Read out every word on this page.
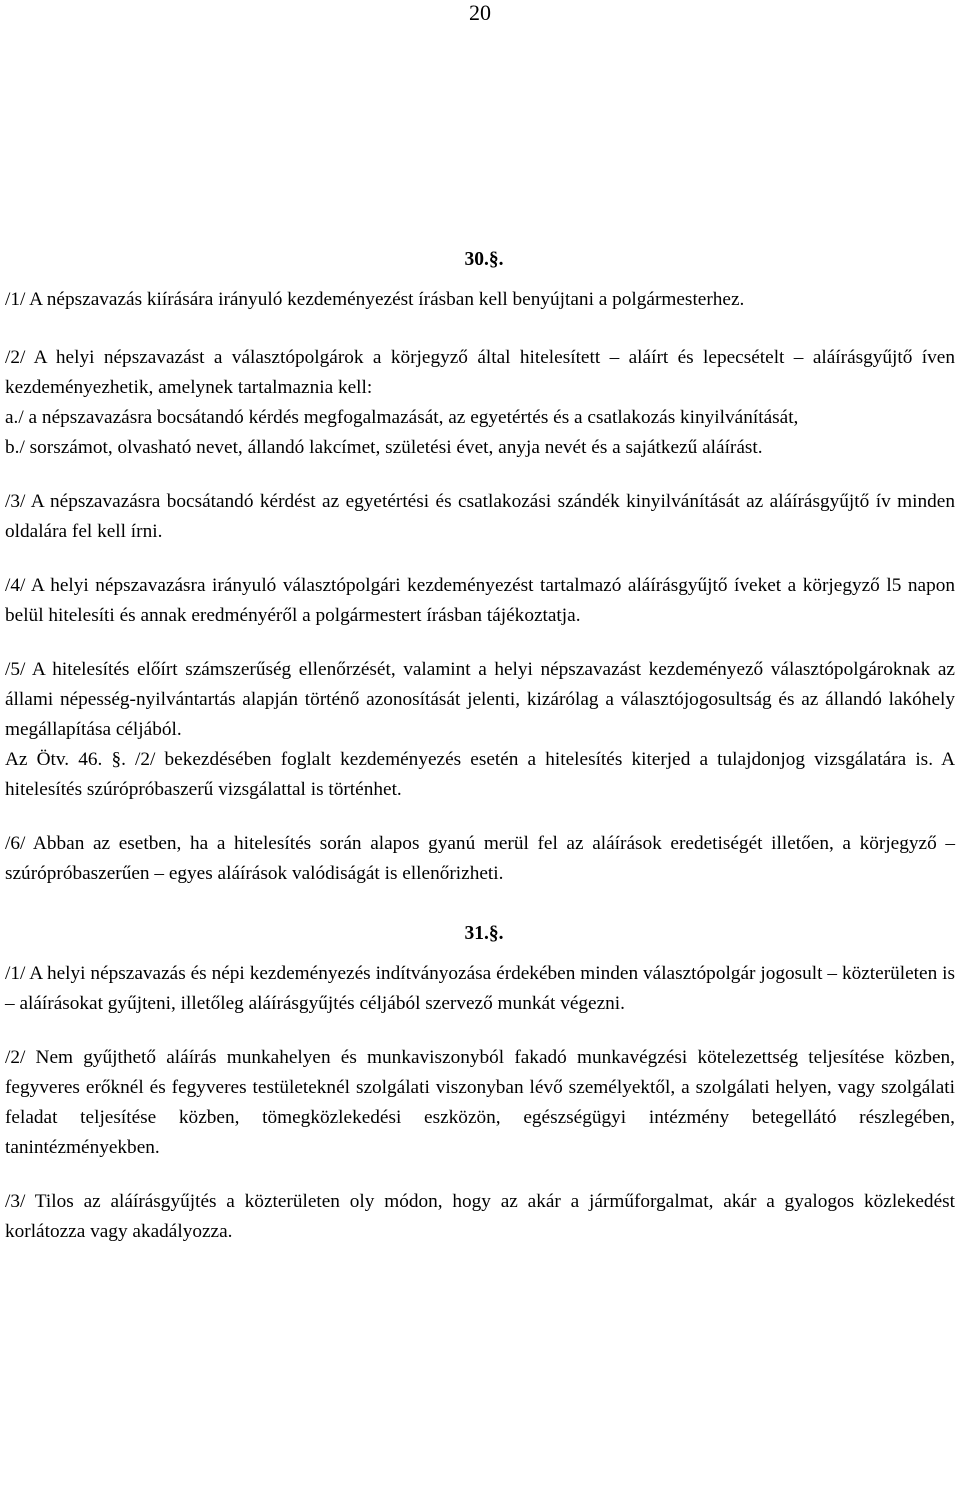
20
30.§.

/1/ A népszavazás kiírására irányuló kezdeményezést írásban kell benyújtani a polgármesterhez.

/2/ A helyi népszavazást a választópolgárok a körjegyző által hitelesített – aláírt és lepecsételt – aláírásgyűjtő íven kezdeményezhetik, amelynek tartalmaznia kell:

a./ a népszavazásra bocsátandó kérdés megfogalmazását, az egyetértés és a csatlakozás kinyilvánítását,

b./ sorszámot, olvasható nevet, állandó lakcímet, születési évet, anyja nevét és a sajátkezű aláírást.

/3/ A népszavazásra bocsátandó kérdést az egyetértési és csatlakozási szándék kinyilvánítását az aláírásgyűjtő ív minden oldalára fel kell írni.

/4/ A helyi népszavazásra irányuló választópolgári kezdeményezést tartalmazó aláírásgyűjtő íveket a körjegyző l5 napon belül hitelesíti és annak eredményéről a polgármestert írásban tájékoztatja.

/5/ A hitelesítés előírt számszerűség ellenőrzését, valamint a helyi népszavazást kezdeményező választópolgároknak az állami népesség-nyilvántartás alapján történő azonosítását jelenti, kizárólag a választójogosultság és az állandó lakóhely megállapítása céljából.

Az Ötv. 46. §. /2/ bekezdésében foglalt kezdeményezés esetén a hitelesítés kiterjed a tulajdonjog vizsgálatára is. A hitelesítés szúrópróbaszerű vizsgálattal is történhet.

/6/ Abban az esetben, ha a hitelesítés során alapos gyanú merül fel az aláírások eredetiségét illetően, a körjegyző – szúrópróbaszerűen – egyes aláírások valódiságát is ellenőrizheti.

31.§.

/1/ A helyi népszavazás és népi kezdeményezés indítványozása érdekében minden választópolgár jogosult – közterületen is – aláírásokat gyűjteni, illetőleg aláírásgyűjtés céljából szervező munkát végezni.

/2/ Nem gyűjthető aláírás munkahelyen és munkaviszonyból fakadó munkavégzési kötelezettség teljesítése közben, fegyveres erőknél és fegyveres testületeknél szolgálati viszonyban lévő személyektől, a szolgálati helyen, vagy szolgálati feladat teljesítése közben, tömegközlekedési eszközön, egészségügyi intézmény betegellátó részlegében, tanintézményekben.

/3/ Tilos az aláírásgyűjtés a közterületen oly módon, hogy az akár a járműforgalmat, akár a gyalogos közlekedést korlátozza vagy akadályozza.
